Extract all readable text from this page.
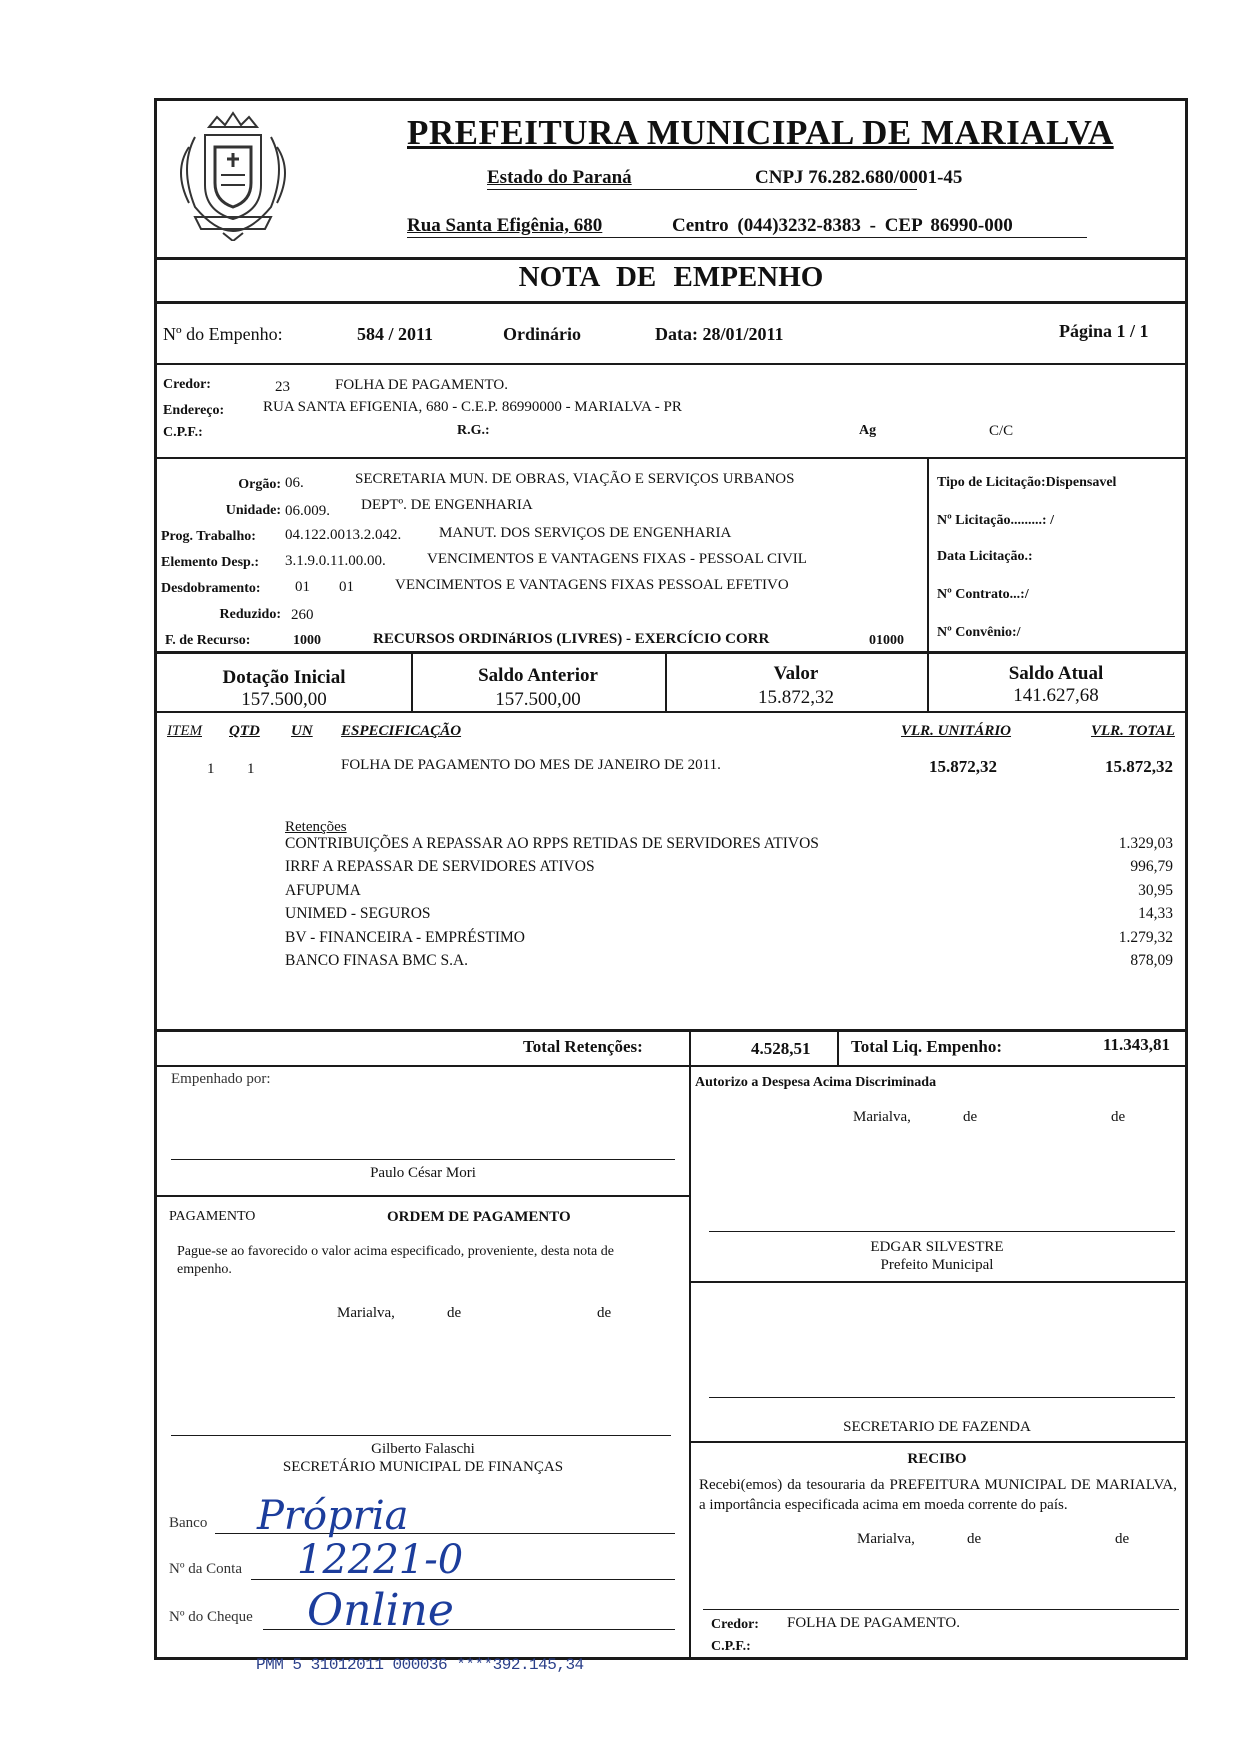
PREFEITURA MUNICIPAL DE MARIALVA
Estado do Paraná	CNPJ 76.282.680/0001-45
Rua Santa Efigênia, 680	Centro (044)3232-8383 - CEP 86990-000
NOTA DE EMPENHO
Nº do Empenho:	584 / 2011	Ordinário	Data: 28/01/2011	Página 1 / 1
Credor:	23	FOLHA DE PAGAMENTO.
Endereço:	RUA SANTA EFIGENIA, 680 - C.E.P. 86990000 - MARIALVA - PR
C.P.F.:	R.G.:	Ag	C/C
Orgão: 06.	SECRETARIA MUN. DE OBRAS, VIAÇÃO E SERVIÇOS URBANOS
Unidade: 06.009. DEPTº. DE ENGENHARIA
Prog. Trabalho: 04.122.0013.2.042.	MANUT. DOS SERVIÇOS DE ENGENHARIA
Elemento Desp.: 3.1.9.0.11.00.00.	VENCIMENTOS E VANTAGENS FIXAS - PESSOAL CIVIL
Desdobramento: 01 01	VENCIMENTOS E VANTAGENS FIXAS PESSOAL EFETIVO
Reduzido: 260
F. de Recurso:	1000	RECURSOS ORDINáRIOS (LIVRES) - EXERCÍCIO CORR	01000
Tipo de Licitação:Dispensavel
Nº Licitação.........: /
Data Licitação.:
Nº Contrato...:/
Nº Convênio:/
Dotação Inicial
157.500,00
Saldo Anterior
157.500,00
Valor
15.872,32
Saldo Atual
141.627,68
ITEM QTD UN ESPECIFICAÇÃO	VLR. UNITÁRIO	VLR. TOTAL
1 1	FOLHA DE PAGAMENTO DO MES DE JANEIRO DE 2011.	15.872,32	15.872,32
Retenções
CONTRIBUIÇÕES A REPASSAR AO RPPS RETIDAS DE SERVIDORES ATIVOS	1.329,03
IRRF A REPASSAR DE SERVIDORES ATIVOS	996,79
AFUPUMA	30,95
UNIMED - SEGUROS	14,33
BV - FINANCEIRA - EMPRÉSTIMO	1.279,32
BANCO FINASA BMC S.A.	878,09
Total Retenções:	4.528,51 Total Liq. Empenho:	11.343,81
Empenhado por:
Paulo César Mori
PAGAMENTO	ORDEM DE PAGAMENTO
Pague-se ao favorecido o valor acima especificado, proveniente, desta nota de empenho.
Marialva,	de	de
Gilberto Falaschi
SECRETÁRIO MUNICIPAL DE FINANÇAS
Banco Própria
Nº da Conta 12221-0
Nº do Cheque Online
Autorizo a Despesa Acima Discriminada
Marialva,	de	de
EDGAR SILVESTRE
Prefeito Municipal
SECRETARIO DE FAZENDA
RECIBO
Recebi(emos) da tesouraria da PREFEITURA MUNICIPAL DE MARIALVA, a importância especificada acima em moeda corrente do país.
Marialva,	de	de
Credor: FOLHA DE PAGAMENTO.
C.P.F.:
PMM 5 31012011 000036 ****392.145,34
